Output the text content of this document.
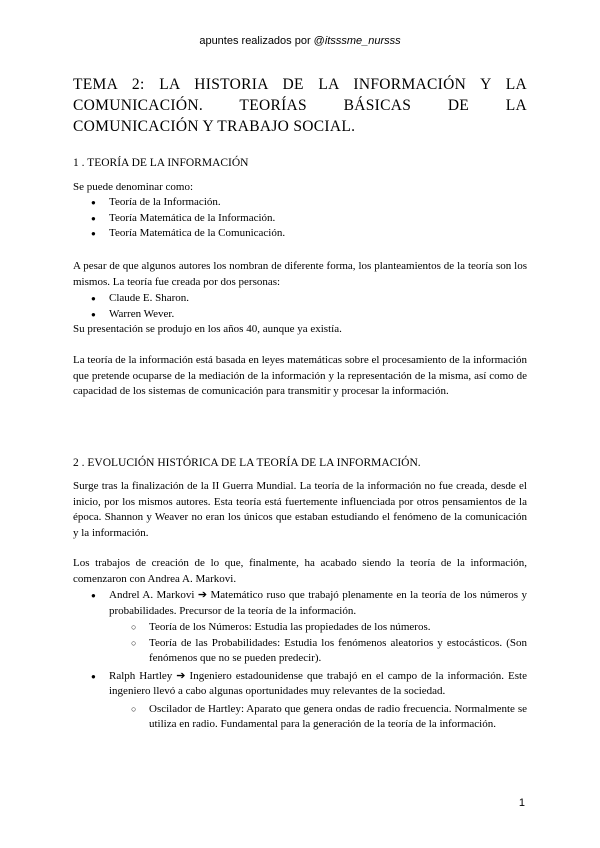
apuntes realizados por @itsssme_nursss
TEMA 2: LA HISTORIA DE LA INFORMACIÓN Y LA
COMUNICACIÓN. TEORÍAS BÁSICAS DE LA
COMUNICACIÓN Y TRABAJO SOCIAL.
1 . TEORÍA DE LA INFORMACIÓN

Se puede denominar como:

● Teoría de la Información.
● Teoría Matemática de la Información.
● Teoría Matemática de la Comunicación.

A pesar de que algunos autores los nombran de diferente forma, los planteamientos de la teoría son los mismos. La teoría fue creada por dos personas:

● Claude E. Sharon.
● Warren Wever.

Su presentación se produjo en los años 40, aunque ya existía.

La teoría de la información está basada en leyes matemáticas sobre el procesamiento de la información que pretende ocuparse de la mediación de la información y la representación de la misma, así como de capacidad de los sistemas de comunicación para transmitir y procesar la información.

2 . EVOLUCIÓN HISTÓRICA DE LA TEORÍA DE LA INFORMACIÓN.

Surge tras la finalización de la II Guerra Mundial. La teoría de la información no fue creada, desde el inicio, por los mismos autores. Esta teoría está fuertemente influenciada por otros pensamientos de la época. Shannon y Weaver no eran los únicos que estaban estudiando el fenómeno de la comunicación y la información.

Los trabajos de creación de lo que, finalmente, ha acabado siendo la teoría de la información, comenzaron con Andrea A. Markovi.

● Andrel A. Markovi ➔ Matemático ruso que trabajó plenamente en la teoría de los números y probabilidades. Precursor de la teoría de la información.
○ Teoría de los Números: Estudia las propiedades de los números.
○ Teoría de las Probabilidades: Estudia los fenómenos aleatorios y estocásticos. (Son fenómenos que no se pueden predecir).
● Ralph Hartley ➔ Ingeniero estadounidense que trabajó en el campo de la información. Este ingeniero llevó a cabo algunas oportunidades muy relevantes de la sociedad.
○ Oscilador de Hartley: Aparato que genera ondas de radio frecuencia. Normalmente se utiliza en radio. Fundamental para la generación de la teoría de la información.
1
